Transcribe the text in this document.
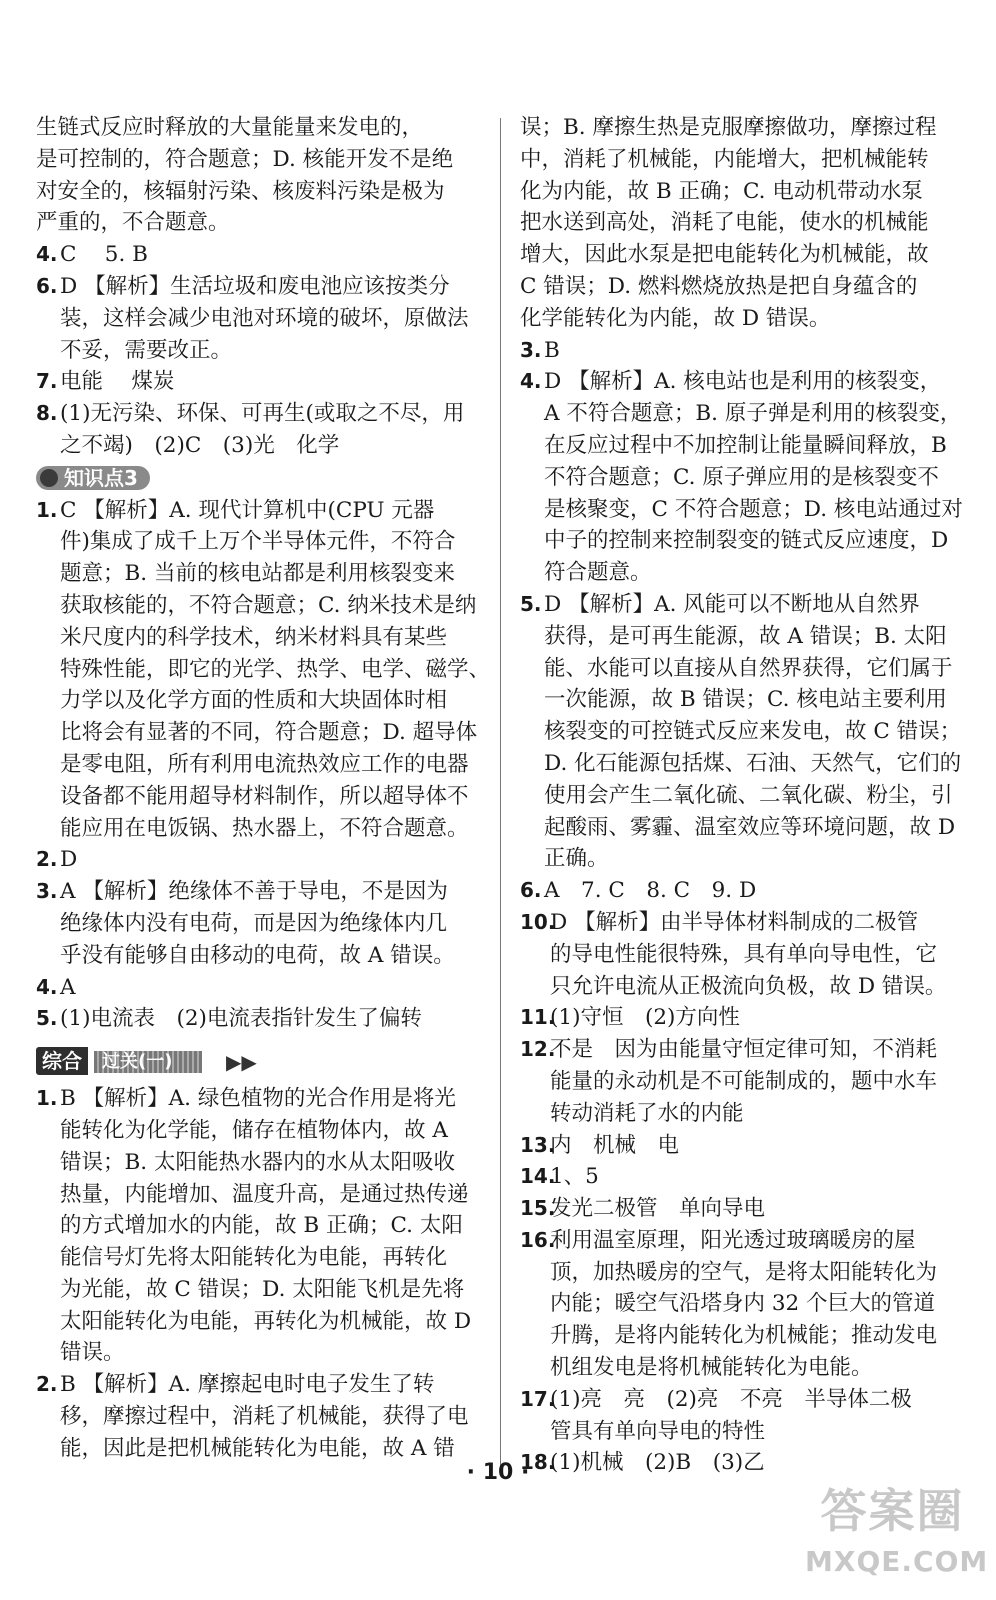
生链式反应时释放的大量能量来发电的，
是可控制的，符合题意；D. 核能开发不是绝
对安全的，核辐射污染、核废料污染是极为
严重的，不合题意。
4. C　 5. B
6. D 【解析】生活垃圾和废电池应该按类分
装，这样会减少电池对环境的破坏，原做法
不妥，需要改正。
7. 电能　 煤炭
8. (1)无污染、环保、可再生(或取之不尽，用
之不竭)　(2)C　(3)光　化学
知识点3
1. C 【解析】A. 现代计算机中(CPU 元器
件)集成了成千上万个半导体元件，不符合
题意；B. 当前的核电站都是利用核裂变来
获取核能的，不符合题意；C. 纳米技术是纳
米尺度内的科学技术，纳米材料具有某些
特殊性能，即它的光学、热学、电学、磁学、
力学以及化学方面的性质和大块固体时相
比将会有显著的不同，符合题意；D. 超导体
是零电阻，所有利用电流热效应工作的电器
设备都不能用超导材料制作，所以超导体不
能应用在电饭锅、热水器上，不符合题意。
2. D
3. A 【解析】绝缘体不善于导电，不是因为
绝缘体内没有电荷，而是因为绝缘体内几
乎没有能够自由移动的电荷，故 A 错误。
4. A
5. (1)电流表　(2)电流表指针发生了偏转
综合	过关(一)	▶▶
1. B 【解析】A. 绿色植物的光合作用是将光
能转化为化学能，储存在植物体内，故 A
错误；B. 太阳能热水器内的水从太阳吸收
热量，内能增加、温度升高，是通过热传递
的方式增加水的内能，故 B 正确；C. 太阳
能信号灯先将太阳能转化为电能，再转化
为光能，故 C 错误；D. 太阳能飞机是先将
太阳能转化为电能，再转化为机械能，故 D
错误。
2. B 【解析】A. 摩擦起电时电子发生了转
移，摩擦过程中，消耗了机械能，获得了电
能，因此是把机械能转化为电能，故 A 错
误；B. 摩擦生热是克服摩擦做功，摩擦过程
中，消耗了机械能，内能增大，把机械能转
化为内能，故 B 正确；C. 电动机带动水泵
把水送到高处，消耗了电能，使水的机械能
增大，因此水泵是把电能转化为机械能，故
C 错误；D. 燃料燃烧放热是把自身蕴含的
化学能转化为内能，故 D 错误。
3. B
4. D 【解析】A. 核电站也是利用的核裂变，
A 不符合题意；B. 原子弹是利用的核裂变，
在反应过程中不加控制让能量瞬间释放，B
不符合题意；C. 原子弹应用的是核裂变不
是核聚变，C 不符合题意；D. 核电站通过对
中子的控制来控制裂变的链式反应速度，D
符合题意。
5. D 【解析】A. 风能可以不断地从自然界
获得，是可再生能源，故 A 错误；B. 太阳
能、水能可以直接从自然界获得，它们属于
一次能源，故 B 错误；C. 核电站主要利用
核裂变的可控链式反应来发电，故 C 错误；
D. 化石能源包括煤、石油、天然气，它们的
使用会产生二氧化硫、二氧化碳、粉尘，引
起酸雨、雾霾、温室效应等环境问题，故 D
正确。
6. A　7. C　8. C　9. D
10.
D 【解析】由半导体材料制成的二极管
的导电性能很特殊，具有单向导电性，它
只允许电流从正极流向负极，故 D 错误。
11.
(1)守恒　(2)方向性
12.
不是　因为由能量守恒定律可知，不消耗
能量的永动机是不可能制成的，题中水车
转动消耗了水的内能
13.
内　机械　电
14.
1、5
15.
发光二极管　单向导电
16.
利用温室原理，阳光透过玻璃暖房的屋
顶，加热暖房的空气，是将太阳能转化为
内能；暖空气沿塔身内 32 个巨大的管道
升腾，是将内能转化为机械能；推动发电
机组发电是将机械能转化为电能。
17.
(1)亮　亮　(2)亮　不亮　半导体二极
管具有单向导电的特性
18.
(1)机械　(2)B　(3)乙
· 10 ·
答案圈
MXQE.COM
